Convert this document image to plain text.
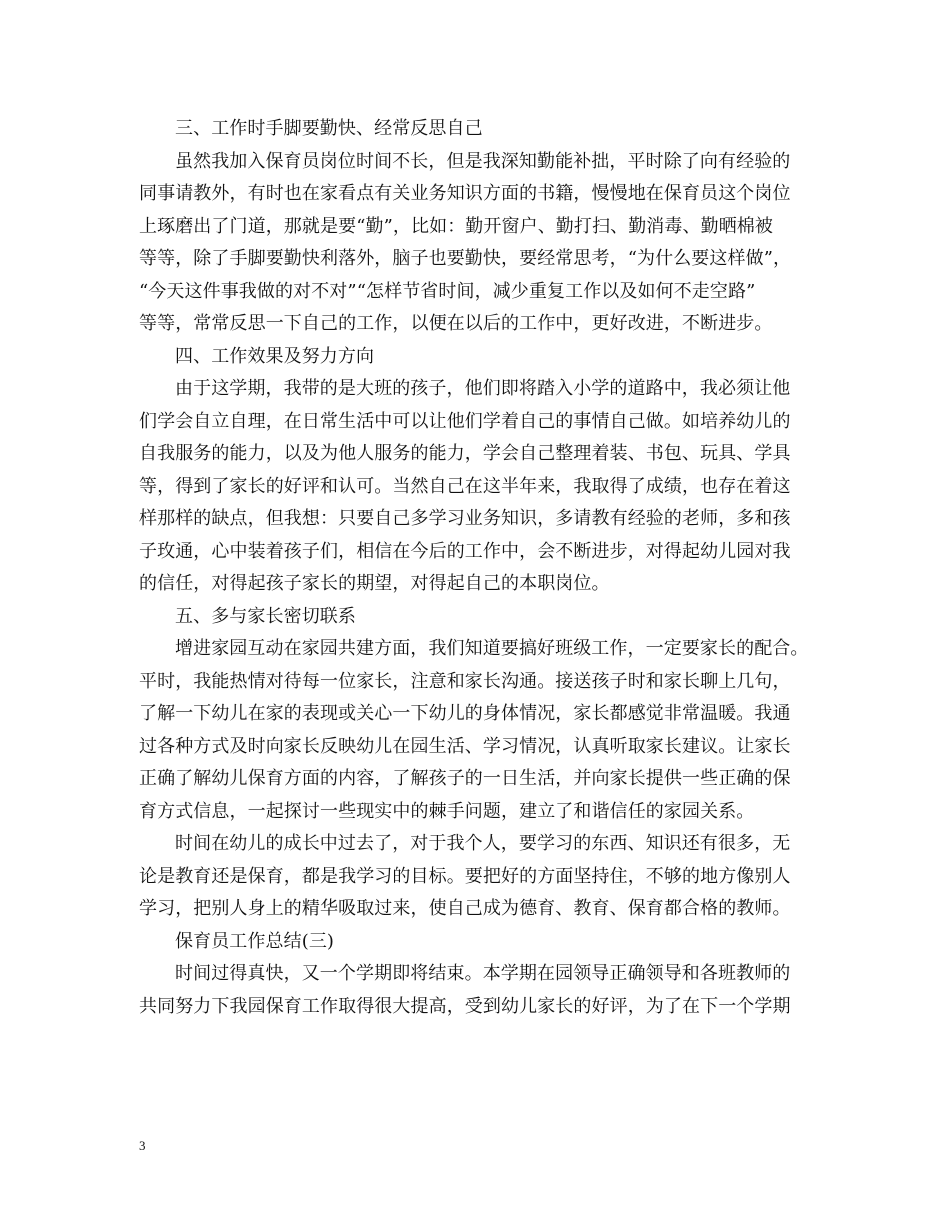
三、工作时手脚要勤快、经常反思自己

虽然我加入保育员岗位时间不长，但是我深知勤能补拙，平时除了向有经验的
同事请教外，有时也在家看点有关业务知识方面的书籍，慢慢地在保育员这个岗位
上琢磨出了门道，那就是要“勤”，比如：勤开窗户、勤打扫、勤消毒、勤晒棉被
等等，除了手脚要勤快利落外，脑子也要勤快，要经常思考，“为什么要这样做”，
“今天这件事我做的对不对”“怎样节省时间，减少重复工作以及如何不走空路”
等等，常常反思一下自己的工作，以便在以后的工作中，更好改进，不断进步。

四、工作效果及努力方向

由于这学期，我带的是大班的孩子，他们即将踏入小学的道路中，我必须让他
们学会自立自理，在日常生活中可以让他们学着自己的事情自己做。如培养幼儿的
自我服务的能力，以及为他人服务的能力，学会自己整理着装、书包、玩具、学具
等，得到了家长的好评和认可。当然自己在这半年来，我取得了成绩，也存在着这
样那样的缺点，但我想：只要自己多学习业务知识，多请教有经验的老师，多和孩
子玫通，心中装着孩子们，相信在今后的工作中，会不断进步，对得起幼儿园对我
的信任，对得起孩子家长的期望，对得起自己的本职岗位。

五、多与家长密切联系

增进家园互动在家园共建方面，我们知道要搞好班级工作，一定要家长的配合。
平时，我能热情对待每一位家长，注意和家长沟通。接送孩子时和家长聊上几句，
了解一下幼儿在家的表现或关心一下幼儿的身体情况，家长都感觉非常温暖。我通
过各种方式及时向家长反映幼儿在园生活、学习情况，认真听取家长建议。让家长
正确了解幼儿保育方面的内容，了解孩子的一日生活，并向家长提供一些正确的保
育方式信息，一起探讨一些现实中的棘手问题，建立了和谐信任的家园关系。

时间在幼儿的成长中过去了，对于我个人，要学习的东西、知识还有很多，无
论是教育还是保育，都是我学习的目标。要把好的方面坚持住，不够的地方像别人
学习，把别人身上的精华吸取过来，使自己成为德育、教育、保育都合格的教师。

保育员工作总结(三)

时间过得真快，又一个学期即将结束。本学期在园领导正确领导和各班教师的
共同努力下我园保育工作取得很大提高，受到幼儿家长的好评，为了在下一个学期

3
